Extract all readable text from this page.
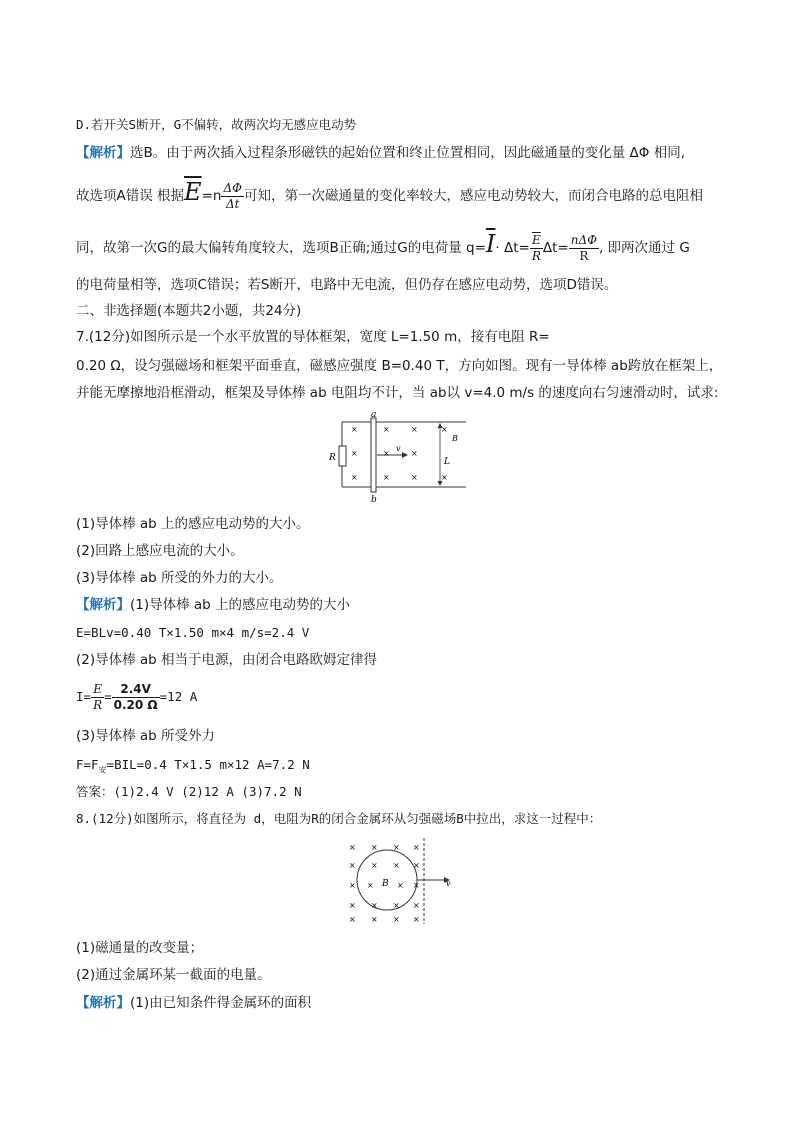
D.若开关S断开，G不偏转，故两次均无感应电动势
【解析】选B。由于两次插入过程条形磁铁的起始位置和终止位置相同，因此磁通量的变化量 ΔΦ 相同,
故选项A错误 根据$\overline{E}=n \frac{\Delta\Phi}{\Delta t}$ 可知，第一次磁通量的变化率较大，感应电动势较大，而闭合电路的总电阻相
同，故第一次G的最大偏转角度较大，选项B正确;通过G的电荷量 $q=\overline{I}\cdot \Delta t= \frac{\overline{E}}{R} \Delta t= \frac{\text{nΔΦ}}{R}$ , 即两次通过 G
的电荷量相等，选项C错误；若S断开，电路中无电流，但仍存在感应电动势，选项D错误。
二、非选择题(本题共2小题，共24分)
7.(12分)如图所示是一个水平放置的导体框架，宽度 L=1.50 m，接有电阻 R=
0.20 Ω，设匀强磁场和框架平面垂直，磁感应强度 B=0.40 T，方向如图。现有一导体棒 ab跨放在框架上，
并能无摩擦地沿框滑动，框架及导体棒 ab 电阻均不计，当 ab以 v=4.0 m/s 的速度向右匀速滑动时，试求:
R
a
b
v
L
B
×
×
×
×
×
×
×
×
×
×
×
(1)导体棒 ab 上的感应电动势的大小。
(2)回路上感应电流的大小。
(3)导体棒 ab 所受的外力的大小。
【解析】(1)导体棒 ab 上的感应电动势的大小
E=BLv=0.40 T×1.50 m×4 m/s=2.4 V
(2)导体棒 ab 相当于电源，由闭合电路欧姆定律得
$I= \frac{E}{R} = \frac{2.4V}{0.20 \Omega} =12$ A
(3)导体棒 ab 所受外力
$F=F_安=BIL=0.4$ T×1.5 m×12 A=7.2 N
答案：(1)2.4 V (2)12 A (3)7.2 N
8.(12分)如图所示，将直径为 d，电阻为R的闭合金属环从匀强磁场B中拉出，求这一过程中：
v
B
× × × ×
× × × ×
× ×	× ×
× × × ×
× × × ×
(1)磁通量的改变量；
(2)通过金属环某一截面的电量。
【解析】(1)由已知条件得金属环的面积
